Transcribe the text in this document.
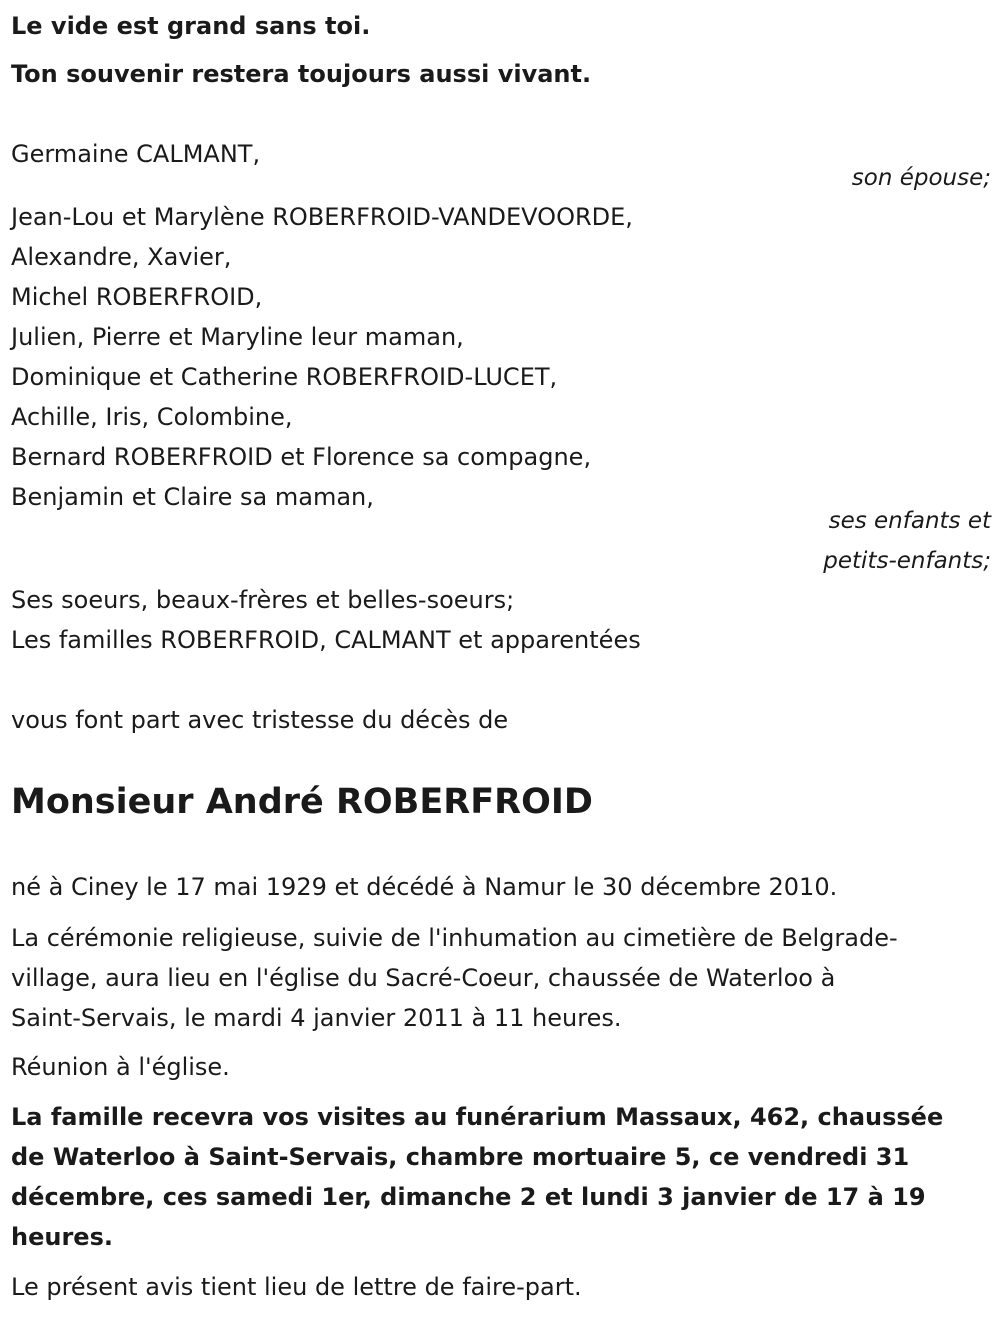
Le vide est grand sans toi.
Ton souvenir restera toujours aussi vivant.
Germaine CALMANT,
son épouse;
Jean-Lou et Marylène ROBERFROID-VANDEVOORDE,
Alexandre, Xavier,
Michel ROBERFROID,
Julien, Pierre et Maryline leur maman,
Dominique et Catherine ROBERFROID-LUCET,
Achille, Iris, Colombine,
Bernard ROBERFROID et Florence sa compagne,
Benjamin et Claire sa maman,
ses enfants et
petits-enfants;
Ses soeurs, beaux-frères et belles-soeurs;
Les familles ROBERFROID, CALMANT et apparentées
vous font part avec tristesse du décès de
Monsieur André ROBERFROID
né à Ciney le 17 mai 1929 et décédé à Namur le 30 décembre 2010.
La cérémonie religieuse, suivie de l'inhumation au cimetière de Belgrade-
village, aura lieu en l'église du Sacré-Coeur, chaussée de Waterloo à
Saint-Servais, le mardi 4 janvier 2011 à 11 heures.
Réunion à l'église.
La famille recevra vos visites au funérarium Massaux, 462, chaussée
de Waterloo à Saint-Servais, chambre mortuaire 5, ce vendredi 31
décembre, ces samedi 1er, dimanche 2 et lundi 3 janvier de 17 à 19
heures.
Le présent avis tient lieu de lettre de faire-part.
